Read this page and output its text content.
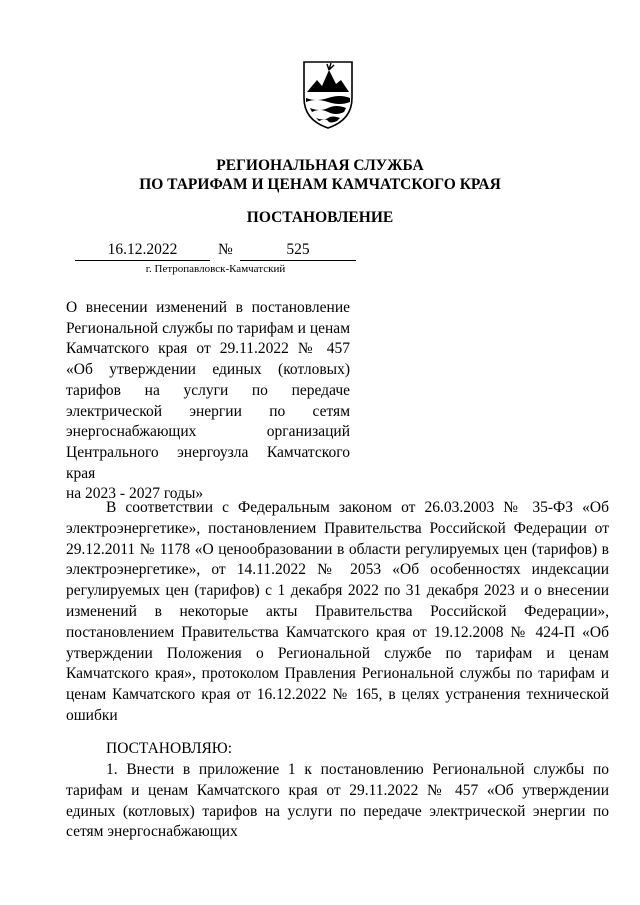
РЕГИОНАЛЬНАЯ СЛУЖБА
ПО ТАРИФАМ И ЦЕНАМ КАМЧАТСКОГО КРАЯ
ПОСТАНОВЛЕНИЕ
16.12.2022	№	525
г. Петропавловск-Камчатский
О внесении изменений в постановление
Региональной службы по тарифам и ценам
Камчатского края от 29.11.2022 № 457
«Об утверждении единых (котловых)
тарифов на услуги по передаче
электрической энергии по сетям
энергоснабжающих организаций
Центрального энергоузла Камчатского края
на 2023 - 2027 годы»
В соответствии с Федеральным законом от 26.03.2003 № 35-ФЗ «Об электроэнергетике», постановлением Правительства Российской Федерации от 29.12.2011 № 1178 «О ценообразовании в области регулируемых цен (тарифов) в электроэнергетике», от 14.11.2022 № 2053 «Об особенностях индексации регулируемых цен (тарифов) с 1 декабря 2022 по 31 декабря 2023 и о внесении изменений в некоторые акты Правительства Российской Федерации», постановлением Правительства Камчатского края от 19.12.2008 № 424-П «Об утверждении Положения о Региональной службе по тарифам и ценам Камчатского края», протоколом Правления Региональной службы по тарифам и ценам Камчатского края от 16.12.2022 № 165, в целях устранения технической ошибки
ПОСТАНОВЛЯЮ:
1. Внести в приложение 1 к постановлению Региональной службы по тарифам и ценам Камчатского края от 29.11.2022 № 457 «Об утверждении единых (котловых) тарифов на услуги по передаче электрической энергии по сетям энергоснабжающих
